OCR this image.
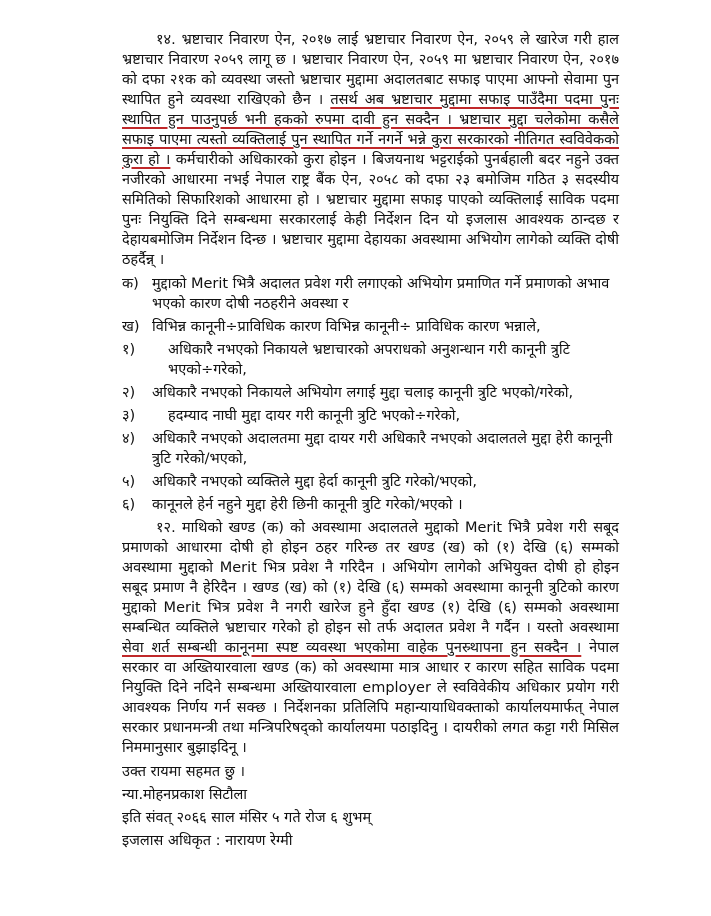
१४. भ्रष्टाचार निवारण ऐन, २०१७ लाई भ्रष्टाचार निवारण ऐन, २०५९ ले खारेज गरी हाल भ्रष्टाचार निवारण २०५९ लागू छ । भ्रष्टाचार निवारण ऐन, २०५९ मा भ्रष्टाचार निवारण ऐन, २०१७ को दफा २१क को व्यवस्था जस्तो भ्रष्टाचार मुद्दामा अदालतबाट सफाइ पाएमा आफ्नो सेवामा पुन स्थापित हुने व्यवस्था राखिएको छैन । तसर्थ अब भ्रष्टाचार मुद्दामा सफाइ पाउँदैमा पदमा पुनः स्थापित हुन पाउनुपर्छ भनी हकको रुपमा दावी हुन सक्दैन । भ्रष्टाचार मुद्दा चलेकोमा कसैले सफाइ पाएमा त्यस्तो व्यक्तिलाई पुन स्थापित गर्ने नगर्ने भन्ने कुरा सरकारको नीतिगत स्वविवेकको कुरा हो । कर्मचारीको अधिकारको कुरा होइन । बिजयनाथ भट्टराईको पुनर्बहाली बदर नहुने उक्त नजीरको आधारमा नभई नेपाल राष्ट्र बैंक ऐन, २०५८ को दफा २३ बमोजिम गठित ३ सदस्यीय समितिको सिफारिशको आधारमा हो । भ्रष्टाचार मुद्दामा सफाइ पाएको व्यक्तिलाई साविक पदमा पुनः नियुक्ति दिने सम्बन्धमा सरकारलाई केही निर्देशन दिन यो इजलास आवश्यक ठान्दछ र देहायबमोजिम निर्देशन दिन्छ । भ्रष्टाचार मुद्दामा देहायका अवस्थामा अभियोग लागेको व्यक्ति दोषी ठहर्दैन्न् ।

क) मुद्दाको Merit भित्रै अदालत प्रवेश गरी लगाएको अभियोग प्रमाणित गर्ने प्रमाणको अभाव भएको कारण दोषी नठहरीने अवस्था र
ख) विभिन्न कानूनी÷प्राविधिक कारण विभिन्न कानूनी÷ प्राविधिक कारण भन्नाले,
१)	अधिकारै नभएको निकायले भ्रष्टाचारको अपराधको अनुशन्धान गरी कानूनी त्रुटि भएको÷गरेको,
२)	अधिकारै नभएको निकायले अभियोग लगाई मुद्दा चलाइ कानूनी त्रुटि भएको/गरेको,
३)	हदम्याद नाघी मुद्दा दायर गरी कानूनी त्रुटि भएको÷गरेको,
४)	अधिकारै नभएको अदालतमा मुद्दा दायर गरी अधिकारै नभएको अदालतले मुद्दा हेरी कानूनी त्रुटि गरेको/भएको,
५)	अधिकारै नभएको व्यक्तिले मुद्दा हेर्दा कानूनी त्रुटि गरेको/भएको,
६)	कानूनले हेर्न नहुने मुद्दा हेरी छिनी कानूनी त्रुटि गरेको/भएको ।

१२. माथिको खण्ड (क) को अवस्थामा अदालतले मुद्दाको Merit भित्रै प्रवेश गरी सबूद प्रमाणको आधारमा दोषी हो होइन ठहर गरिन्छ तर खण्ड (ख) को (१) देखि (६) सम्मको अवस्थामा मुद्दाको Merit भित्र प्रवेश नै गरिदैन । अभियोग लागेको अभियुक्त दोषी हो होइन सबूद प्रमाण नै हेरिदैन । खण्ड (ख) को (१) देखि (६) सम्मको अवस्थामा कानूनी त्रुटिको कारण मुद्दाको Merit भित्र प्रवेश नै नगरी खारेज हुने हुँदा खण्ड (१) देखि (६) सम्मको अवस्थामा सम्बन्धित व्यक्तिले भ्रष्टाचार गरेको हो होइन सो तर्फ अदालत प्रवेश नै गर्दैन । यस्तो अवस्थामा सेवा शर्त सम्बन्धी कानूनमा स्पष्ट व्यवस्था भएकोमा वाहेक पुनस्र्थापना हुन सक्दैन । नेपाल सरकार वा अख्तियारवाला खण्ड (क) को अवस्थामा मात्र आधार र कारण सहित साविक पदमा नियुक्ति दिने नदिने सम्बन्धमा अख्तियारवाला employer ले स्वविवेकीय अधिकार प्रयोग गरी आवश्यक निर्णय गर्न सक्छ । निर्देशनका प्रतिलिपि महान्यायाधिवक्ताको कार्यालयमार्फत् नेपाल सरकार प्रधानमन्त्री तथा मन्त्रिपरिषद्को कार्यालयमा पठाइदिनु । दायरीको लगत कट्टा गरी मिसिल निममानुसार बुझाइदिनू ।

उक्त रायमा सहमत छु ।
न्या.मोहनप्रकाश सिटौला
इति संवत् २०६६ साल मंसिर ५ गते रोज ६ शुभम्
इजलास अधिकृत : नारायण रेग्मी
